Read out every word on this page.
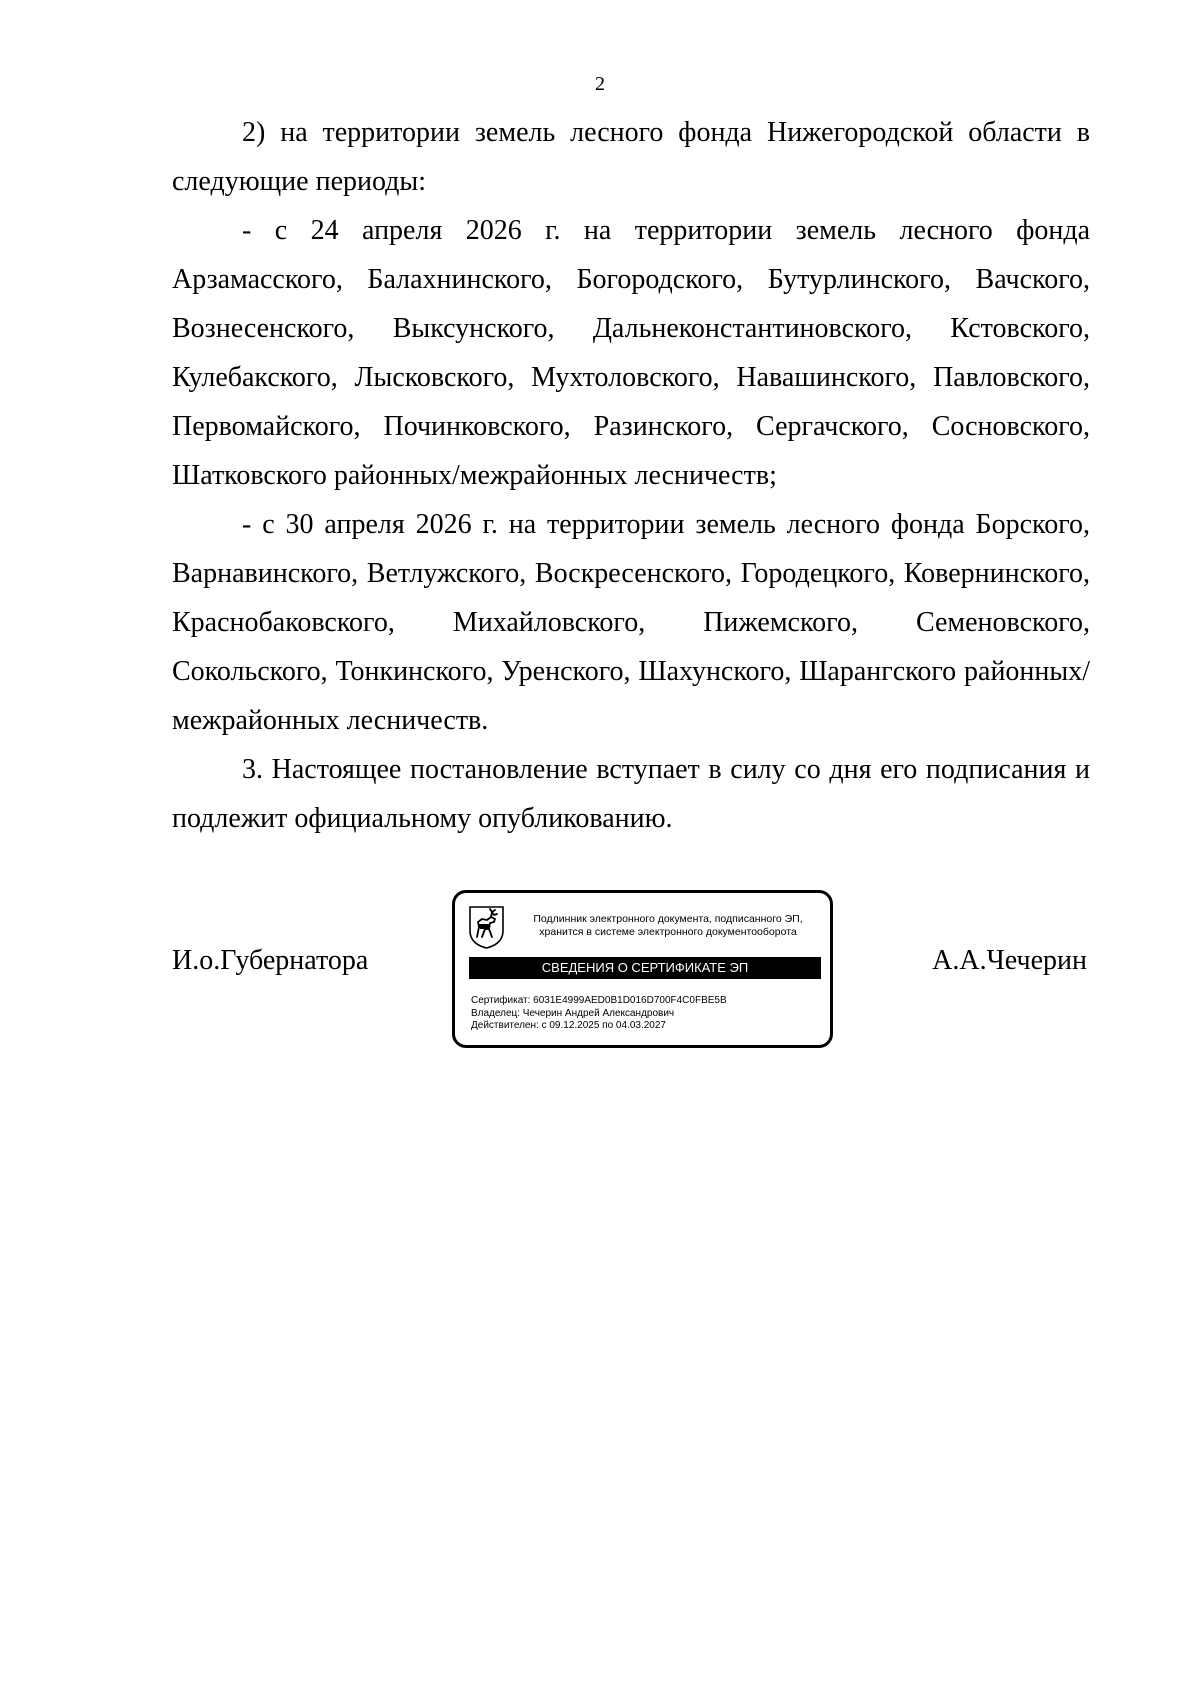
2

2) на территории земель лесного фонда Нижегородской области в следующие периоды:

- с 24 апреля 2026 г. на территории земель лесного фонда Арзамасского, Балахнинского, Богородского, Бутурлинского, Вачского, Вознесенского, Выксунского, Дальнеконстантиновского, Кстовского, Кулебакского, Лысковского, Мухтоловского, Навашинского, Павловского, Первомайского, Починковского, Разинского, Сергачского, Сосновского, Шатковского районных/межрайонных лесничеств;

- с 30 апреля 2026 г. на территории земель лесного фонда Борского, Варнавинского, Ветлужского, Воскресенского, Городецкого, Ковернинского, Краснобаковского, Михайловского, Пижемского, Семеновского, Сокольского, Тонкинского, Уренского, Шахунского, Шарангского районных/межрайонных лесничеств.

3. Настоящее постановление вступает в силу со дня его подписания и подлежит официальному опубликованию.

И.о.Губернатора
Подлинник электронного документа, подписанного ЭП,
хранится в системе электронного документооборота
СВЕДЕНИЯ О СЕРТИФИКАТЕ ЭП
Сертификат: 6031E4999AED0B1D016D700F4C0FBE5B
Владелец: Чечерин Андрей Александрович
Действителен: с 09.12.2025 по 04.03.2027
А.А.Чечерин
